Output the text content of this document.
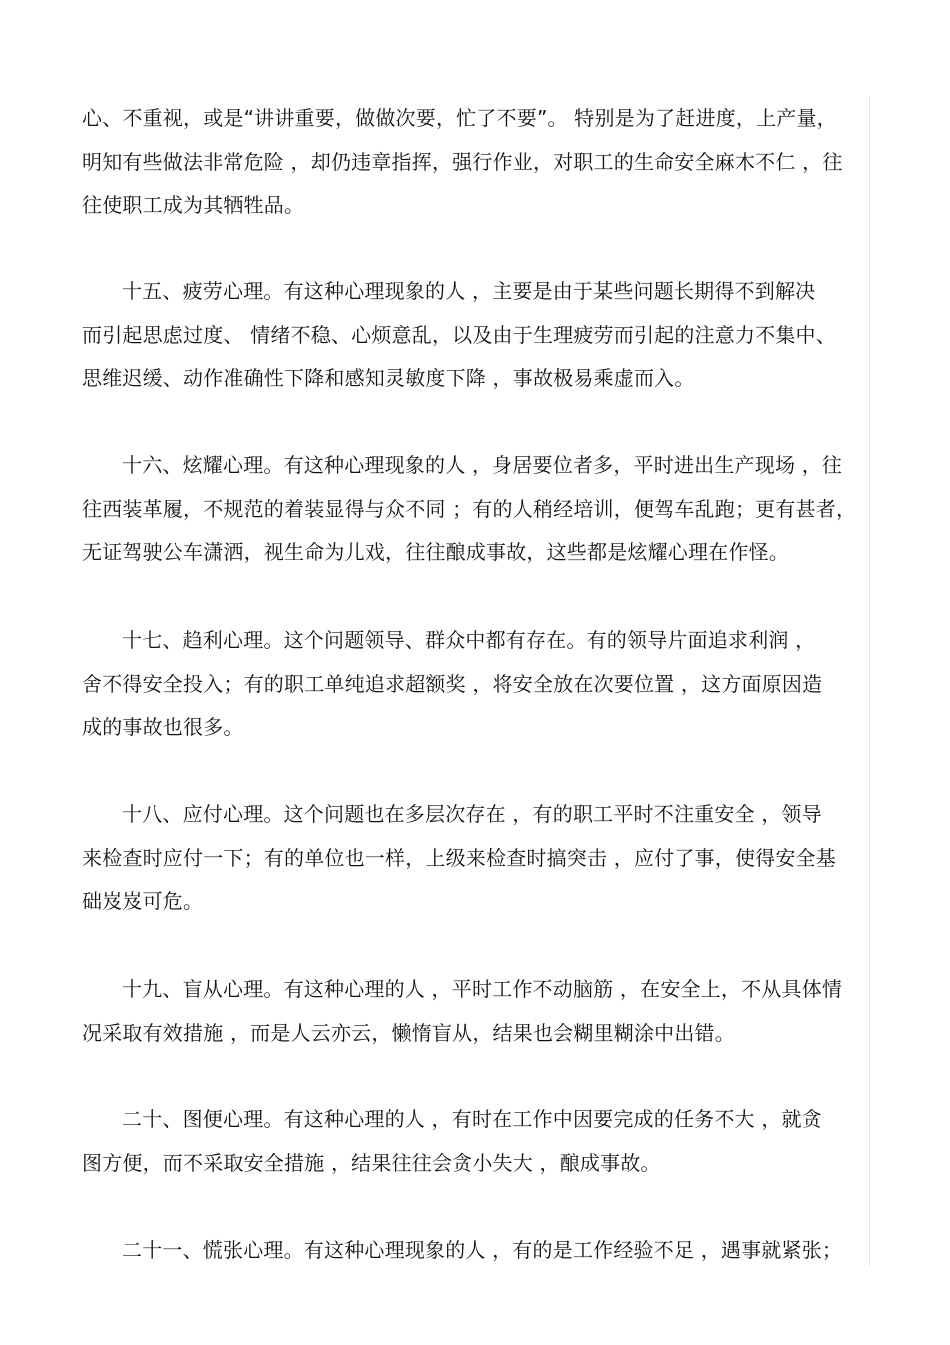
心、不重视，或是“讲讲重要，做做次要，忙了不要”。 特别是为了赶进度，上产量，
明知有些做法非常危险 ，却仍违章指挥，强行作业，对职工的生命安全麻木不仁 ，往
往使职工成为其牺牲品。

十五、疲劳心理。有这种心理现象的人 ，主要是由于某些问题长期得不到解决
而引起思虑过度、 情绪不稳、心烦意乱，以及由于生理疲劳而引起的注意力不集中、
思维迟缓、动作准确性下降和感知灵敏度下降 ，事故极易乘虚而入。

十六、炫耀心理。有这种心理现象的人 ，身居要位者多，平时进出生产现场 ，往
往西装革履，不规范的着装显得与众不同 ；有的人稍经培训，便驾车乱跑；更有甚者，
无证驾驶公车潇洒，视生命为儿戏，往往酿成事故，这些都是炫耀心理在作怪。

十七、趋利心理。这个问题领导、群众中都有存在。有的领导片面追求利润 ，
舍不得安全投入；有的职工单纯追求超额奖 ，将安全放在次要位置 ，这方面原因造
成的事故也很多。

十八、应付心理。这个问题也在多层次存在 ，有的职工平时不注重安全 ，领导
来检查时应付一下；有的单位也一样，上级来检查时搞突击 ，应付了事，使得安全基
础岌岌可危。

十九、盲从心理。有这种心理的人 ，平时工作不动脑筋 ，在安全上，不从具体情
况采取有效措施 ，而是人云亦云，懒惰盲从，结果也会糊里糊涂中出错。

二十、图便心理。有这种心理的人 ，有时在工作中因要完成的任务不大 ，就贪
图方便，而不采取安全措施 ，结果往往会贪小失大 ，酿成事故。

二十一、慌张心理。有这种心理现象的人 ，有的是工作经验不足 ，遇事就紧张；
